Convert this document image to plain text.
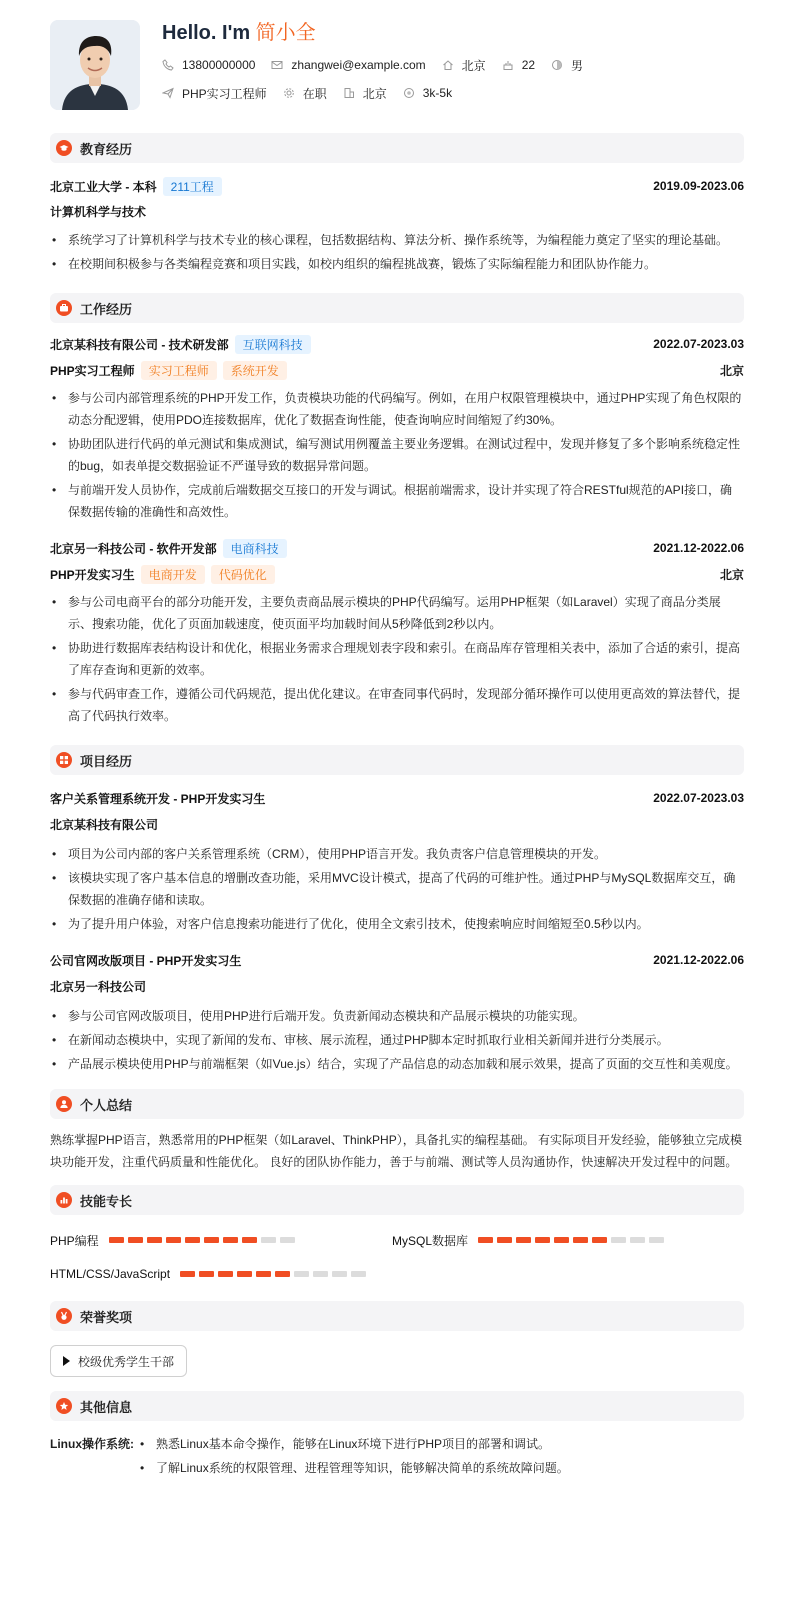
Hello. I'm 简小全
13800000000	zhangwei@example.com	北京	22	男
PHP实习工程师	在职	北京	3k-5k
教育经历
北京工业大学 - 本科	211工程	2019.09-2023.06
计算机科学与技术
• 系统学习了计算机科学与技术专业的核心课程，包括数据结构、算法分析、操作系统等，为编程能力奠定了坚实的理论基础。
• 在校期间积极参与各类编程竞赛和项目实践，如校内组织的编程挑战赛，锻炼了实际编程能力和团队协作能力。
工作经历
北京某科技有限公司 - 技术研发部	互联网科技	2022.07-2023.03
PHP实习工程师	实习工程师	系统开发	北京
• 参与公司内部管理系统的PHP开发工作，负责模块功能的代码编写。例如，在用户权限管理模块中，通过PHP实现了角色权限的动态分配逻辑，使用PDO连接数据库，优化了数据查询性能，使查询响应时间缩短了约30%。
• 协助团队进行代码的单元测试和集成测试，编写测试用例覆盖主要业务逻辑。在测试过程中，发现并修复了多个影响系统稳定性的bug，如表单提交数据验证不严谨导致的数据异常问题。
• 与前端开发人员协作，完成前后端数据交互接口的开发与调试。根据前端需求，设计并实现了符合RESTful规范的API接口，确保数据传输的准确性和高效性。
北京另一科技公司 - 软件开发部	电商科技	2021.12-2022.06
PHP开发实习生	电商开发	代码优化	北京
• 参与公司电商平台的部分功能开发，主要负责商品展示模块的PHP代码编写。运用PHP框架（如Laravel）实现了商品分类展示、搜索功能，优化了页面加载速度，使页面平均加载时间从5秒降低到2秒以内。
• 协助进行数据库表结构设计和优化，根据业务需求合理规划表字段和索引。在商品库存管理相关表中，添加了合适的索引，提高了库存查询和更新的效率。
• 参与代码审查工作，遵循公司代码规范，提出优化建议。在审查同事代码时，发现部分循环操作可以使用更高效的算法替代，提高了代码执行效率。
项目经历
客户关系管理系统开发 - PHP开发实习生	2022.07-2023.03
北京某科技有限公司
• 项目为公司内部的客户关系管理系统（CRM），使用PHP语言开发。我负责客户信息管理模块的开发。
• 该模块实现了客户基本信息的增删改查功能，采用MVC设计模式，提高了代码的可维护性。通过PHP与MySQL数据库交互，确保数据的准确存储和读取。
• 为了提升用户体验，对客户信息搜索功能进行了优化，使用全文索引技术，使搜索响应时间缩短至0.5秒以内。
公司官网改版项目 - PHP开发实习生	2021.12-2022.06
北京另一科技公司
• 参与公司官网改版项目，使用PHP进行后端开发。负责新闻动态模块和产品展示模块的功能实现。
• 在新闻动态模块中，实现了新闻的发布、审核、展示流程，通过PHP脚本定时抓取行业相关新闻并进行分类展示。
• 产品展示模块使用PHP与前端框架（如Vue.js）结合，实现了产品信息的动态加载和展示效果，提高了页面的交互性和美观度。
个人总结
熟练掌握PHP语言，熟悉常用的PHP框架（如Laravel、ThinkPHP），具备扎实的编程基础。 有实际项目开发经验，能够独立完成模块功能开发，注重代码质量和性能优化。 良好的团队协作能力，善于与前端、测试等人员沟通协作，快速解决开发过程中的问题。
技能专长
PHP编程	MySQL数据库
HTML/CSS/JavaScript
荣誉奖项
校级优秀学生干部
其他信息
Linux操作系统:
•	熟悉Linux基本命令操作，能够在Linux环境下进行PHP项目的部署和调试。
• 了解Linux系统的权限管理、进程管理等知识，能够解决简单的系统故障问题。
